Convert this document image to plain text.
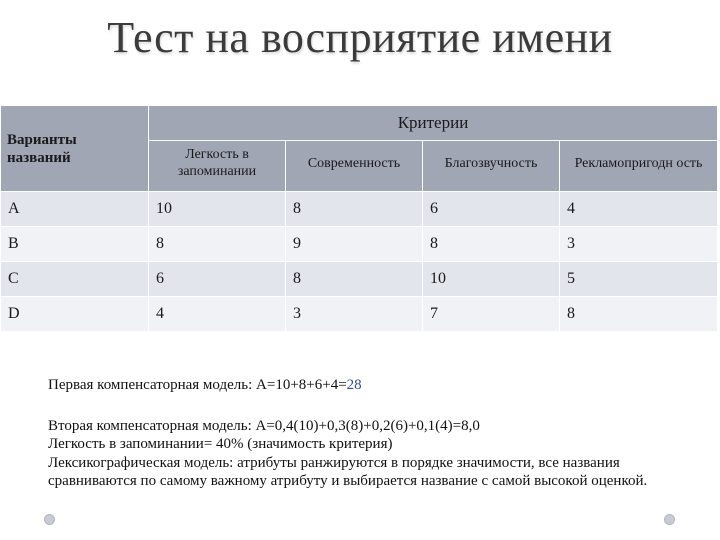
Тест на восприятие имени
Варианты названий	Критерии			
	Легкость в запоминании	Современность	Благозвучность	Рекламопригодн ость
A	10	8	6	4
B	8	9	8	3
C	6	8	10	5
D	4	3	7	8

Первая компенсаторная модель: A=10+8+6+4=28

Вторая компенсаторная модель: A=0,4(10)+0,3(8)+0,2(6)+0,1(4)=8,0

Легкость в запоминании= 40% (значимость критерия)

Лексикографическая модель: атрибуты ранжируются в порядке значимости, все названия сравниваются по самому важному атрибуту и выбирается название с самой высокой оценкой.
